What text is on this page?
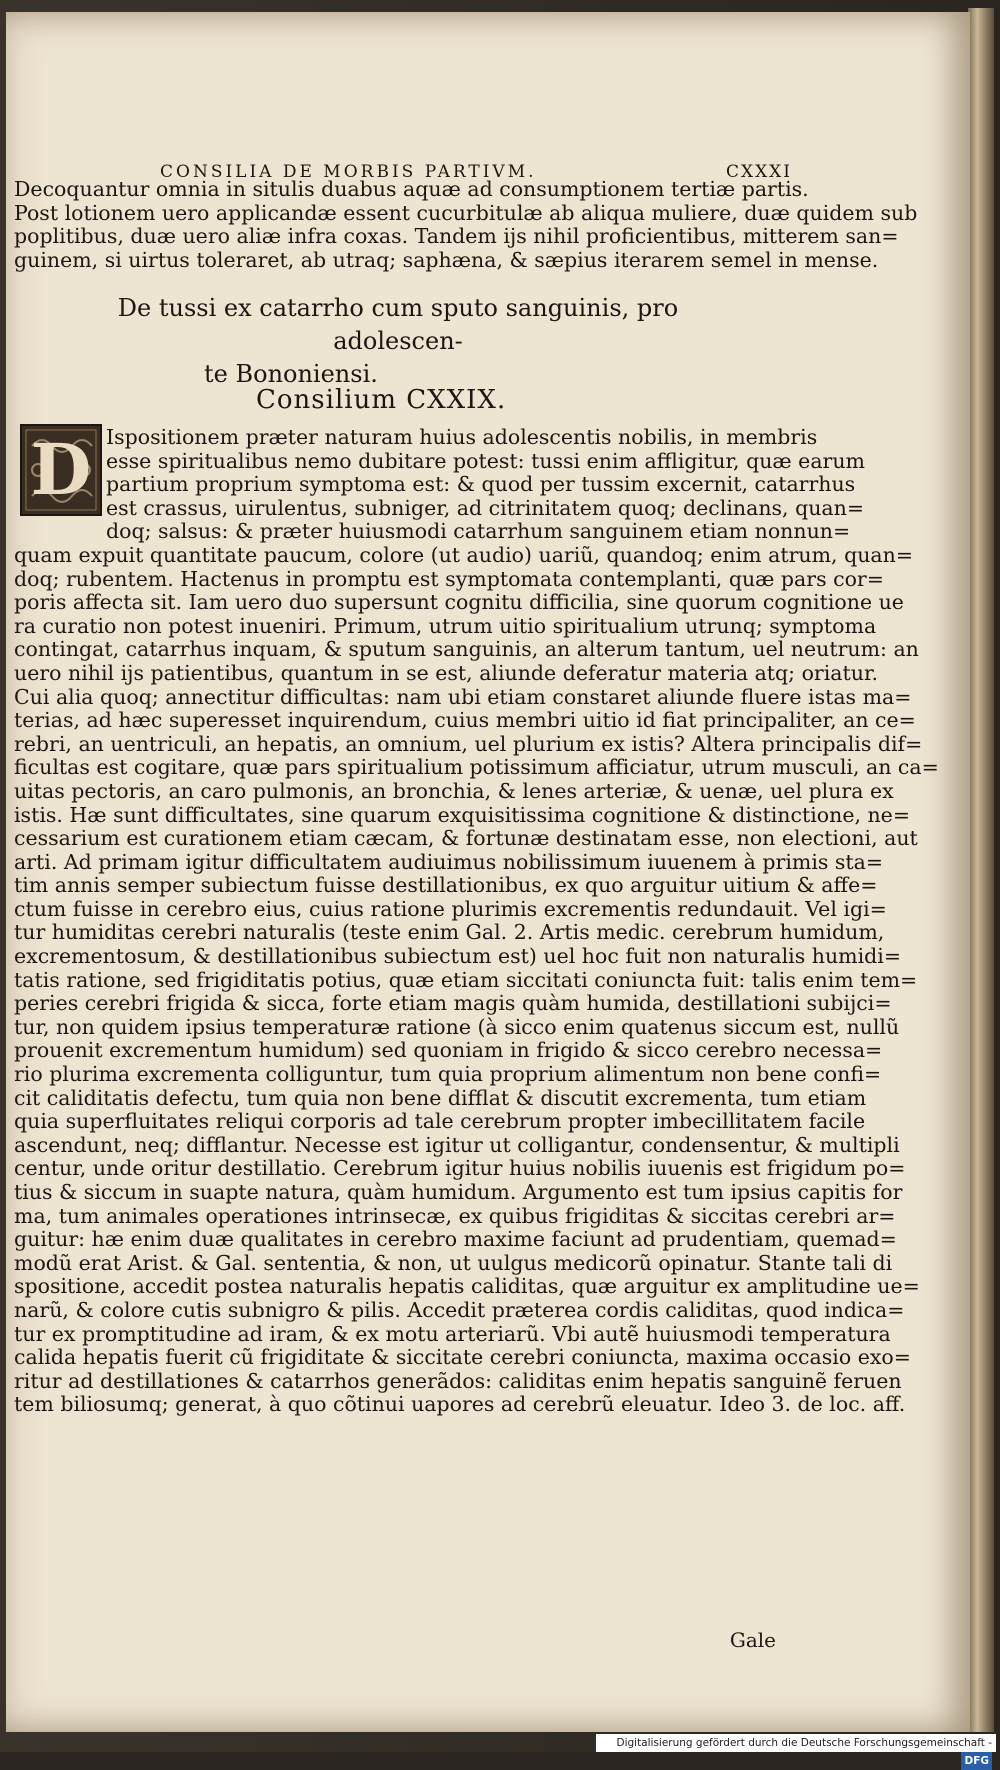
CONSILIA DE MORBIS PARTIVM.	CXXXI
Decoquantur omnia in situlis duabus aquæ ad consumptionem tertiæ partis.
Post lotionem uero applicandæ essent cucurbitulæ ab aliqua muliere, duæ quidem sub
poplitibus, duæ uero aliæ infra coxas. Tandem ijs nihil proficientibus, mitterem san=
guinem, si uirtus toleraret, ab utraq; saphæna, & sæpius iterarem semel in mense.
De tussi ex catarrho cum sputo sanguinis, pro adolescen-
te Bononiensi.
Consilium CXXIX.
D Ispositionem præter naturam huius adolescentis nobilis, in membris
esse spiritualibus nemo dubitare potest: tussi enim affligitur, quæ earum
partium proprium symptoma est: & quod per tussim excernit, catarrhus
est crassus, uirulentus, subniger, ad citrinitatem quoq; declinans, quan=
doq; salsus: & præter huiusmodi catarrhum sanguinem etiam nonnun=
quam expuit quantitate paucum, colore (ut audio) uariũ, quandoq; enim atrum, quan=
doq; rubentem. Hactenus in promptu est symptomata contemplanti, quæ pars cor=
poris affecta sit. Iam uero duo supersunt cognitu difficilia, sine quorum cognitione ue
ra curatio non potest inueniri. Primum, utrum uitio spiritualium utrunq; symptoma
contingat, catarrhus inquam, & sputum sanguinis, an alterum tantum, uel neutrum: an
uero nihil ijs patientibus, quantum in se est, aliunde deferatur materia atq; oriatur.
Cui alia quoq; annectitur difficultas: nam ubi etiam constaret aliunde fluere istas ma=
terias, ad hæc superesset inquirendum, cuius membri uitio id fiat principaliter, an ce=
rebri, an uentriculi, an hepatis, an omnium, uel plurium ex istis? Altera principalis dif=
ficultas est cogitare, quæ pars spiritualium potissimum afficiatur, utrum musculi, an ca=
uitas pectoris, an caro pulmonis, an bronchia, & lenes arteriæ, & uenæ, uel plura ex
istis. Hæ sunt difficultates, sine quarum exquisitissima cognitione & distinctione, ne=
cessarium est curationem etiam cæcam, & fortunæ destinatam esse, non electioni, aut
arti. Ad primam igitur difficultatem audiuimus nobilissimum iuuenem à primis sta=
tim annis semper subiectum fuisse destillationibus, ex quo arguitur uitium & affe=
ctum fuisse in cerebro eius, cuius ratione plurimis excrementis redundauit. Vel igi=
tur humiditas cerebri naturalis (teste enim Gal. 2. Artis medic. cerebrum humidum,
excrementosum, & destillationibus subiectum est) uel hoc fuit non naturalis humidi=
tatis ratione, sed frigiditatis potius, quæ etiam siccitati coniuncta fuit: talis enim tem=
peries cerebri frigida & sicca, forte etiam magis quàm humida, destillationi subijci=
tur, non quidem ipsius temperaturæ ratione (à sicco enim quatenus siccum est, nullũ
prouenit excrementum humidum) sed quoniam in frigido & sicco cerebro necessa=
rio plurima excrementa colliguntur, tum quia proprium alimentum non bene confi=
cit caliditatis defectu, tum quia non bene difflat & discutit excrementa, tum etiam
quia superfluitates reliqui corporis ad tale cerebrum propter imbecillitatem facile
ascendunt, neq; difflantur. Necesse est igitur ut colligantur, condensentur, & multipli
centur, unde oritur destillatio. Cerebrum igitur huius nobilis iuuenis est frigidum po=
tius & siccum in suapte natura, quàm humidum. Argumento est tum ipsius capitis for
ma, tum animales operationes intrinsecæ, ex quibus frigiditas & siccitas cerebri ar=
guitur: hæ enim duæ qualitates in cerebro maxime faciunt ad prudentiam, quemad=
modũ erat Arist. & Gal. sententia, & non, ut uulgus medicorũ opinatur. Stante tali di
spositione, accedit postea naturalis hepatis caliditas, quæ arguitur ex amplitudine ue=
narũ, & colore cutis subnigro & pilis. Accedit præterea cordis caliditas, quod indica=
tur ex promptitudine ad iram, & ex motu arteriarũ. Vbi autẽ huiusmodi temperatura
calida hepatis fuerit cũ frigiditate & siccitate cerebri coniuncta, maxima occasio exo=
ritur ad destillationes & catarrhos generãdos: caliditas enim hepatis sanguinẽ feruen
tem biliosumq; generat, à quo cõtinui uapores ad cerebrũ eleuatur. Ideo 3. de loc. aff.
Gale
Digitalisierung gefördert durch die Deutsche Forschungsgemeinschaft -DFG
